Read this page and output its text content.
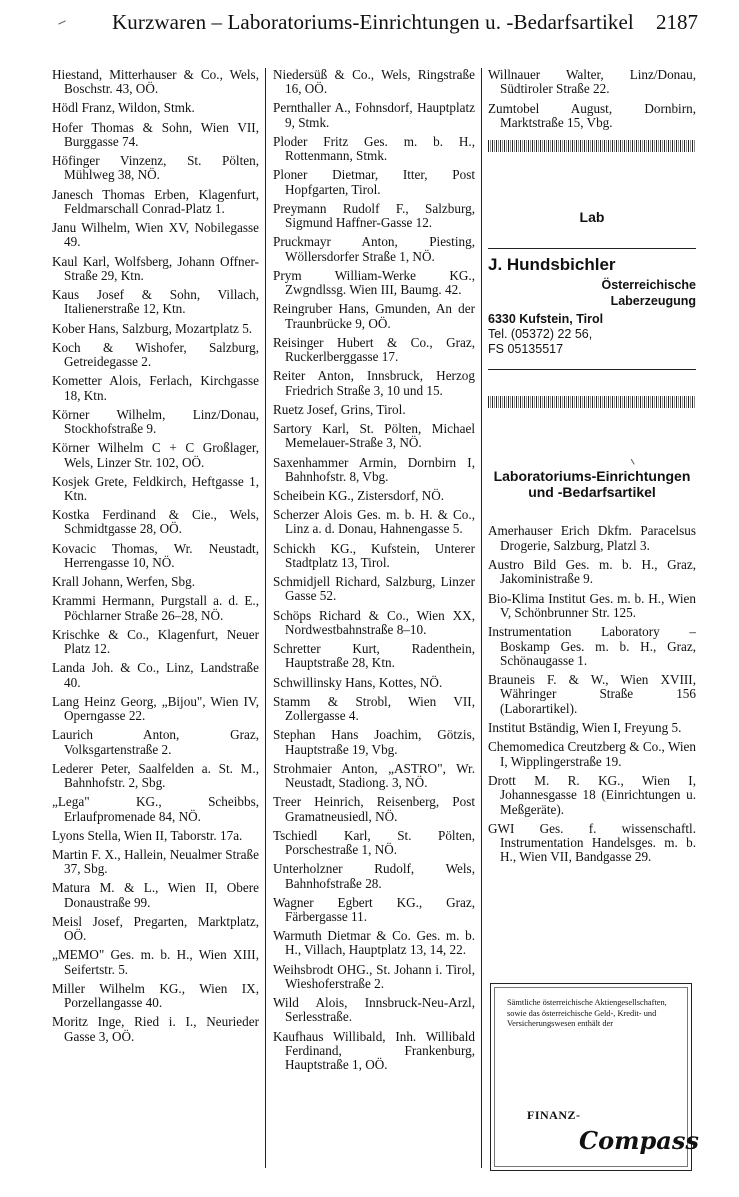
Kurzwaren – Laboratoriums-Einrichtungen u. -Bedarfsartikel 2187
Hiestand, Mitterhauser & Co., Wels, Boschstr. 43, OÖ.
Hödl Franz, Wildon, Stmk.
Hofer Thomas & Sohn, Wien VII, Burggasse 74.
Höfinger Vinzenz, St. Pölten, Mühlweg 38, NÖ.
Janesch Thomas Erben, Klagenfurt, Feldmarschall Conrad-Platz 1.
Janu Wilhelm, Wien XV, Nobilegasse 49.
Kaul Karl, Wolfsberg, Johann Offner-Straße 29, Ktn.
Kaus Josef & Sohn, Villach, Italienerstraße 12, Ktn.
Kober Hans, Salzburg, Mozartplatz 5.
Koch & Wishofer, Salzburg, Getreidegasse 2.
Kometter Alois, Ferlach, Kirchgasse 18, Ktn.
Körner Wilhelm, Linz/Donau, Stockhofstraße 9.
Körner Wilhelm C + C Großlager, Wels, Linzer Str. 102, OÖ.
Kosjek Grete, Feldkirch, Heftgasse 1, Ktn.
Kostka Ferdinand & Cie., Wels, Schmidtgasse 28, OÖ.
Kovacic Thomas, Wr. Neustadt, Herrengasse 10, NÖ.
Krall Johann, Werfen, Sbg.
Krammi Hermann, Purgstall a. d. E., Pöchlarner Straße 26–28, NÖ.
Krischke & Co., Klagenfurt, Neuer Platz 12.
Landa Joh. & Co., Linz, Landstraße 40.
Lang Heinz Georg, „Bijou", Wien IV, Operngasse 22.
Laurich Anton, Graz, Volksgartenstraße 2.
Lederer Peter, Saalfelden a. St. M., Bahnhofstr. 2, Sbg.
„Lega" KG., Scheibbs, Erlaufpromenade 84, NÖ.
Lyons Stella, Wien II, Taborstr. 17a.
Martin F. X., Hallein, Neualmer Straße 37, Sbg.
Matura M. & L., Wien II, Obere Donaustraße 99.
Meisl Josef, Pregarten, Marktplatz, OÖ.
„MEMO" Ges. m. b. H., Wien XIII, Seifertstr. 5.
Miller Wilhelm KG., Wien IX, Porzellangasse 40.
Moritz Inge, Ried i. I., Neurieder Gasse 3, OÖ.
Niedersüß & Co., Wels, Ringstraße 16, OÖ.
Pernthaller A., Fohnsdorf, Hauptplatz 9, Stmk.
Ploder Fritz Ges. m. b. H., Rottenmann, Stmk.
Ploner Dietmar, Itter, Post Hopfgarten, Tirol.
Preymann Rudolf F., Salzburg, Sigmund Haffner-Gasse 12.
Pruckmayr Anton, Piesting, Wöllersdorfer Straße 1, NÖ.
Prym William-Werke KG., Zwgndlssg. Wien III, Baumg. 42.
Reingruber Hans, Gmunden, An der Traunbrücke 9, OÖ.
Reisinger Hubert & Co., Graz, Ruckerlberggasse 17.
Reiter Anton, Innsbruck, Herzog Friedrich Straße 3, 10 und 15.
Ruetz Josef, Grins, Tirol.
Sartory Karl, St. Pölten, Michael Memelauer-Straße 3, NÖ.
Saxenhammer Armin, Dornbirn I, Bahnhofstr. 8, Vbg.
Scheibein KG., Zistersdorf, NÖ.
Scherzer Alois Ges. m. b. H. & Co., Linz a. d. Donau, Hahnengasse 5.
Schickh KG., Kufstein, Unterer Stadtplatz 13, Tirol.
Schmidjell Richard, Salzburg, Linzer Gasse 52.
Schöps Richard & Co., Wien XX, Nordwestbahnstraße 8–10.
Schretter Kurt, Radenthein, Hauptstraße 28, Ktn.
Schwillinsky Hans, Kottes, NÖ.
Stamm & Strobl, Wien VII, Zollergasse 4.
Stephan Hans Joachim, Götzis, Hauptstraße 19, Vbg.
Strohmaier Anton, „ASTRO", Wr. Neustadt, Stadiong. 3, NÖ.
Treer Heinrich, Reisenberg, Post Gramatneusiedl, NÖ.
Tschiedl Karl, St. Pölten, Porschestraße 1, NÖ.
Unterholzner Rudolf, Wels, Bahnhofstraße 28.
Wagner Egbert KG., Graz, Färbergasse 11.
Warmuth Dietmar & Co. Ges. m. b. H., Villach, Hauptplatz 13, 14, 22.
Weihsbrodt OHG., St. Johann i. Tirol, Wieshoferstraße 2.
Wild Alois, Innsbruck-Neu-Arzl, Serlesstraße.
Kaufhaus Willibald, Inh. Willibald Ferdinand, Frankenburg, Hauptstraße 1, OÖ.
Willnauer Walter, Linz/Donau, Südtiroler Straße 22.
Zumtobel August, Dornbirn, Marktstraße 15, Vbg.
Lab
J. Hundsbichler
Österreichische
Laberzeugung
6330 Kufstein, Tirol
Tel. (05372) 22 56,
FS 05135517
Laboratoriums-Einrichtungen und -Bedarfsartikel
Amerhauser Erich Dkfm. Paracelsus Drogerie, Salzburg, Platzl 3.
Austro Bild Ges. m. b. H., Graz, Jakoministraße 9.
Bio-Klima Institut Ges. m. b. H., Wien V, Schönbrunner Str. 125.
Instrumentation Laboratory – Boskamp Ges. m. b. H., Graz, Schönaugasse 1.
Brauneis F. & W., Wien XVIII, Währinger Straße 156 (Laborartikel).
Institut Bständig, Wien I, Freyung 5.
Chemomedica Creutzberg & Co., Wien I, Wipplingerstraße 19.
Drott M. R. KG., Wien I, Johannesgasse 18 (Einrichtungen u. Meßgeräte).
GWI Ges. f. wissenschaftl. Instrumentation Handelsges. m. b. H., Wien VII, Bandgasse 29.
Sämtliche österreichische Aktiengesellschaften, sowie das österreichische Geld-, Kredit- und Versicherungswesen enthält der
FINANZ-
Compass
